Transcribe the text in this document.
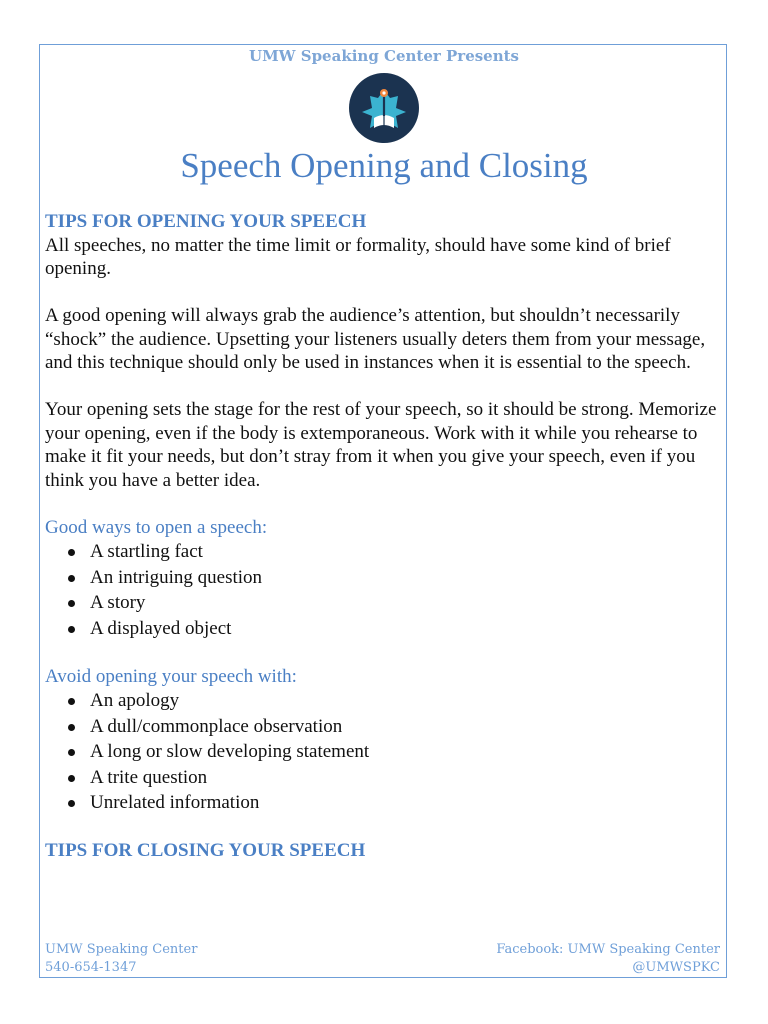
UMW Speaking Center Presents
Speech Opening and Closing
TIPS FOR OPENING YOUR SPEECH

All speeches, no matter the time limit or formality, should have some kind of brief opening.

A good opening will always grab the audience’s attention, but shouldn’t necessarily “shock” the audience. Upsetting your listeners usually deters them from your message, and this technique should only be used in instances when it is essential to the speech.

Your opening sets the stage for the rest of your speech, so it should be strong. Memorize your opening, even if the body is extemporaneous. Work with it while you rehearse to make it fit your needs, but don’t stray from it when you give your speech, even if you think you have a better idea.

Good ways to open a speech:

A startling fact
An intriguing question
A story
A displayed object

Avoid opening your speech with:

An apology
A dull/commonplace observation
A long or slow developing statement
A trite question
Unrelated information
TIPS FOR CLOSING YOUR SPEECH
UMW Speaking Center
540-654-1347
Facebook: UMW Speaking Center
@UMWSPKC
